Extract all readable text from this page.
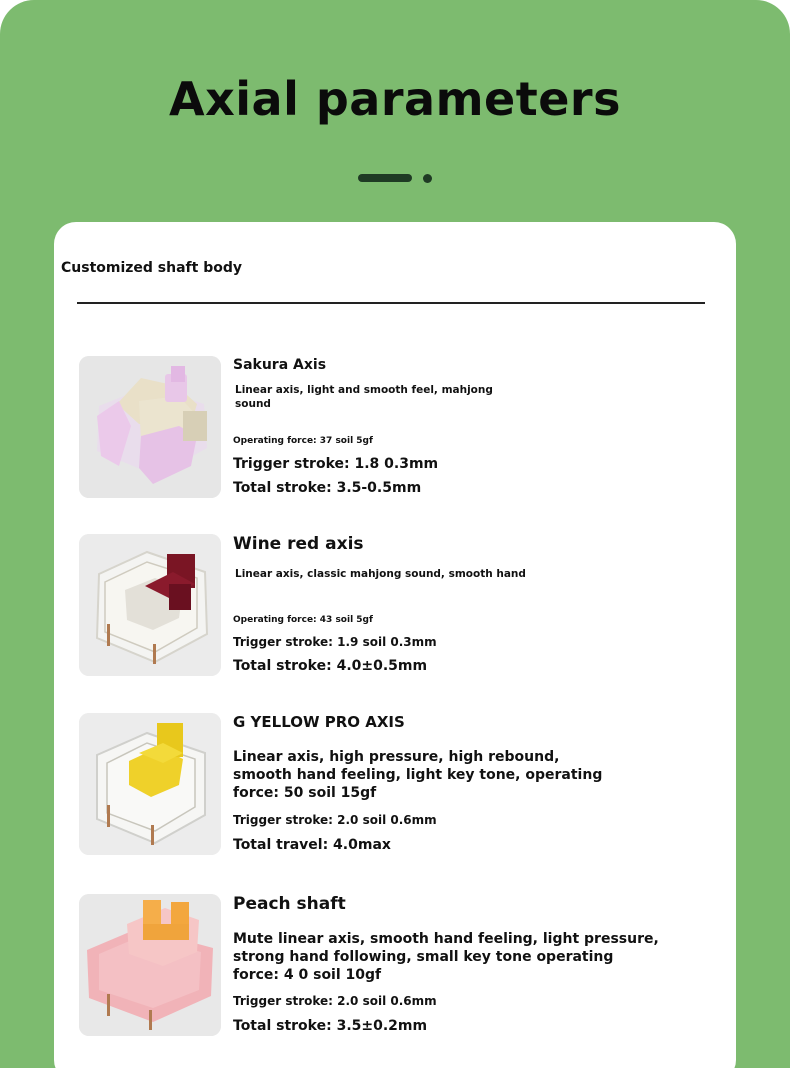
Axial parameters
Customized shaft body
Sakura Axis
Linear axis, light and smooth feel, mahjong sound
Operating force: 37 soil 5gf
Trigger stroke: 1.8 0.3mm
Total stroke: 3.5-0.5mm
Wine red axis
Linear axis, classic mahjong sound, smooth hand
Operating force: 43 soil 5gf
Trigger stroke: 1.9 soil 0.3mm
Total stroke: 4.0±0.5mm
G YELLOW PRO AXIS
Linear axis, high pressure, high rebound, smooth hand feeling, light key tone, operating force: 50 soil 15gf
Trigger stroke: 2.0 soil 0.6mm
Total travel: 4.0max
Peach shaft
Mute linear axis, smooth hand feeling, light pressure, strong hand following, small key tone operating force: 4 0 soil 10gf
Trigger stroke: 2.0 soil 0.6mm
Total stroke: 3.5±0.2mm
